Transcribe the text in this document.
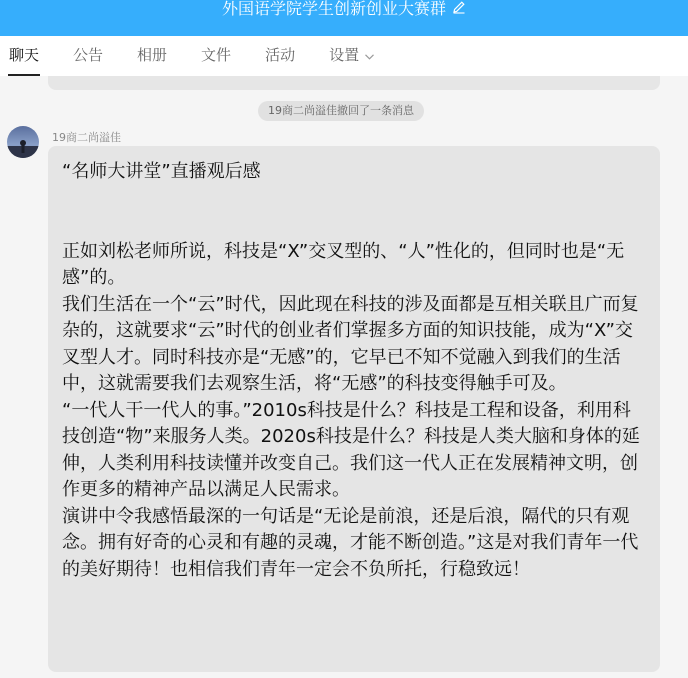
外国语学院学生创新创业大赛群
聊天	公告	相册	文件	活动	设置
19商二尚溢佳撤回了一条消息
19商二尚溢佳

“名师大讲堂”直播观后感

正如刘松老师所说，科技是“X”交叉型的、“人”性化的，但同时也是“无感”的。

我们生活在一个“云”时代，因此现在科技的涉及面都是互相关联且广而复杂的，这就要求“云”时代的创业者们掌握多方面的知识技能，成为“X”交叉型人才。同时科技亦是“无感”的，它早已不知不觉融入到我们的生活中，这就需要我们去观察生活，将“无感”的科技变得触手可及。

“一代人干一代人的事。”2010s科技是什么？科技是工程和设备，利用科技创造“物”来服务人类。2020s科技是什么？科技是人类大脑和身体的延伸，人类利用科技读懂并改变自己。我们这一代人正在发展精神文明，创作更多的精神产品以满足人民需求。

演讲中令我感悟最深的一句话是“无论是前浪，还是后浪，隔代的只有观念。拥有好奇的心灵和有趣的灵魂，才能不断创造。”这是对我们青年一代的美好期待！也相信我们青年一定会不负所托，行稳致远！
